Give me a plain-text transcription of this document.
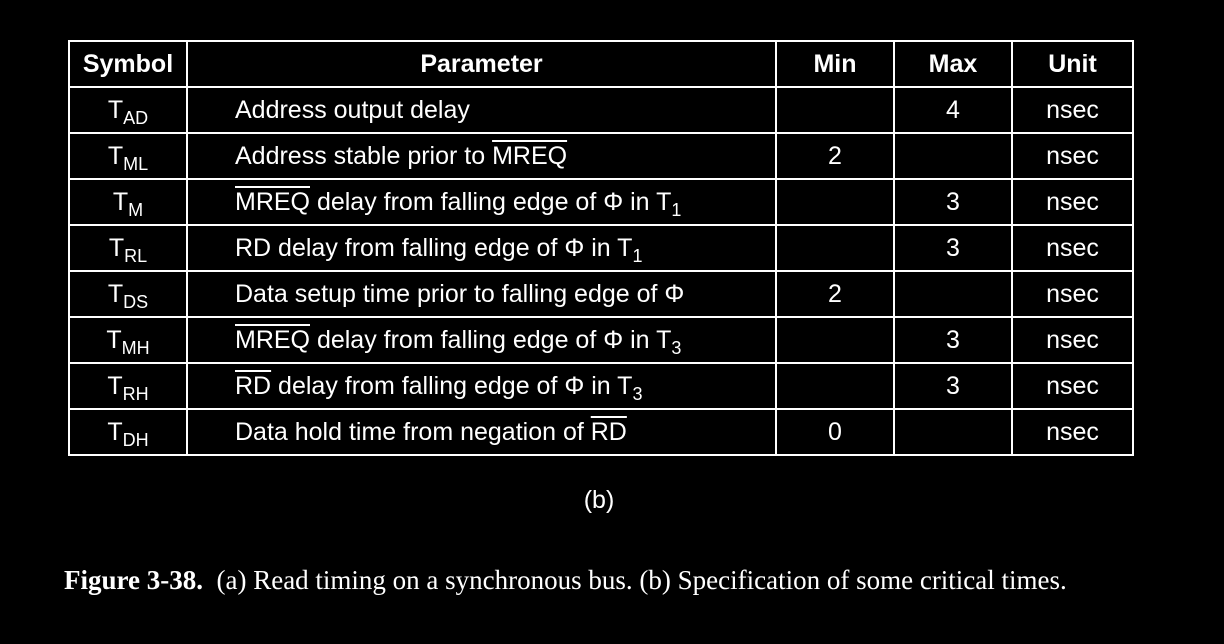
Symbol	Parameter	Min	Max	Unit
$T_{AD}$	Address output delay		4	nsec
$T_{ML}$	Address stable prior to MREQ	2		nsec
$T_M$	MREQ delay from falling edge of Φ in $T_1$		3	nsec
$T_{RL}$	RD delay from falling edge of Φ in $T_1$		3	nsec
$T_{DS}$	Data setup time prior to falling edge of Φ	2		nsec
$T_{MH}$	MREQ delay from falling edge of Φ in $T_3$		3	nsec
$T_{RH}$	$\overline{RD}$ delay from falling edge of Φ in $T_3$		3	nsec
$T_{DH}$	Data hold time from negation of $\overline{RD}$	0		nsec
(b)
Figure 3-38. (a) Read timing on a synchronous bus. (b) Specification of some critical times.
